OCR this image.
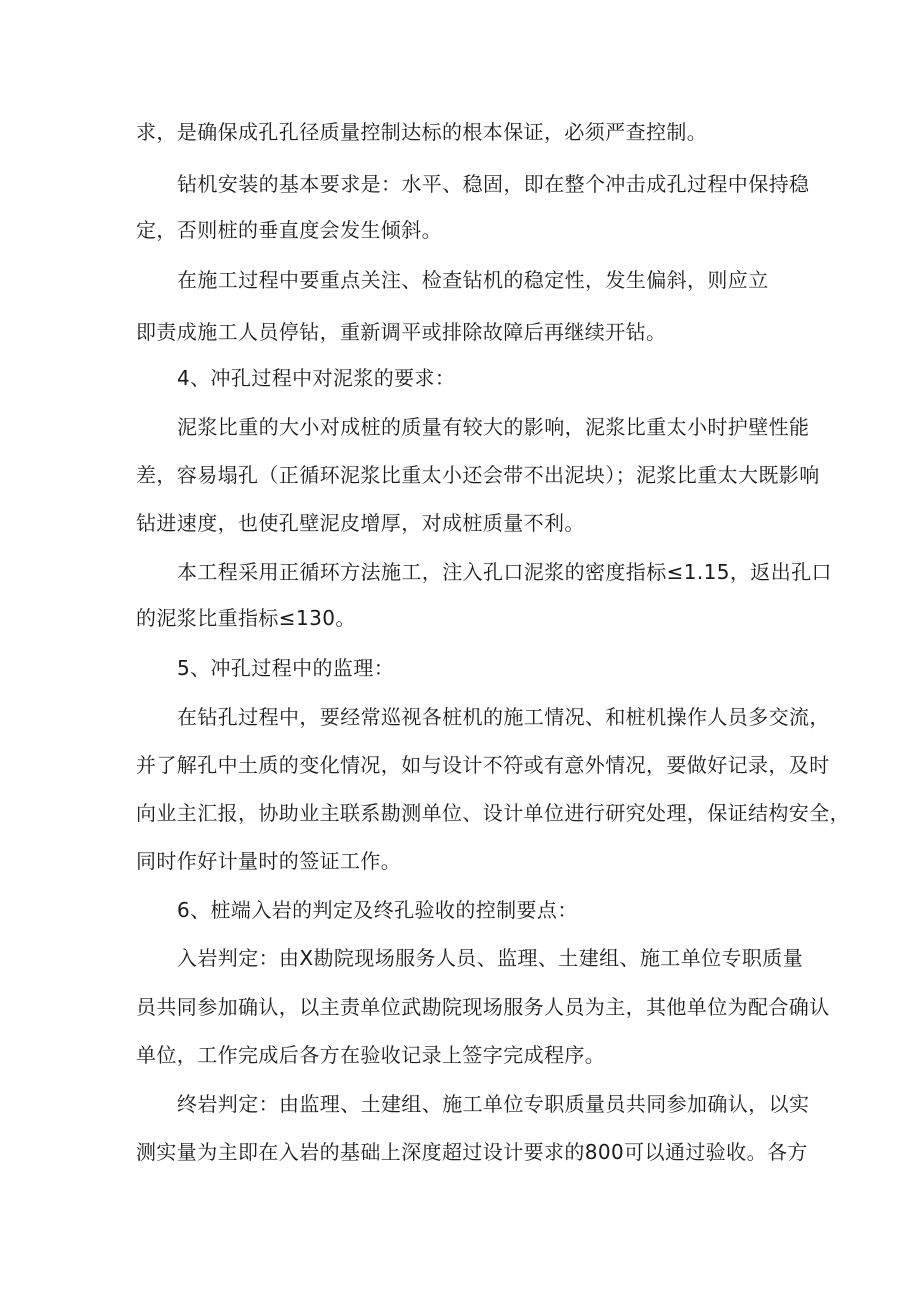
求，是确保成孔孔径质量控制达标的根本保证，必须严查控制。
钻机安装的基本要求是：水平、稳固，即在整个冲击成孔过程中保持稳
定，否则桩的垂直度会发生倾斜。
在施工过程中要重点关注、检查钻机的稳定性，发生偏斜，则应立
即责成施工人员停钻，重新调平或排除故障后再继续开钻。
4、冲孔过程中对泥浆的要求：
泥浆比重的大小对成桩的质量有较大的影响，泥浆比重太小时护壁性能
差，容易塌孔（正循环泥浆比重太小还会带不出泥块）；泥浆比重太大既影响
钻进速度，也使孔壁泥皮增厚，对成桩质量不利。
本工程采用正循环方法施工，注入孔口泥浆的密度指标≤1.15，返出孔口
的泥浆比重指标≤130。
5、冲孔过程中的监理：
在钻孔过程中，要经常巡视各桩机的施工情况、和桩机操作人员多交流，
并了解孔中土质的变化情况，如与设计不符或有意外情况，要做好记录，及时
向业主汇报，协助业主联系勘测单位、设计单位进行研究处理，保证结构安全，
同时作好计量时的签证工作。
6、桩端入岩的判定及终孔验收的控制要点：
入岩判定：由X勘院现场服务人员、监理、土建组、施工单位专职质量
员共同参加确认，以主责单位武勘院现场服务人员为主，其他单位为配合确认
单位，工作完成后各方在验收记录上签字完成程序。
终岩判定：由监理、土建组、施工单位专职质量员共同参加确认，以实
测实量为主即在入岩的基础上深度超过设计要求的800可以通过验收。各方
